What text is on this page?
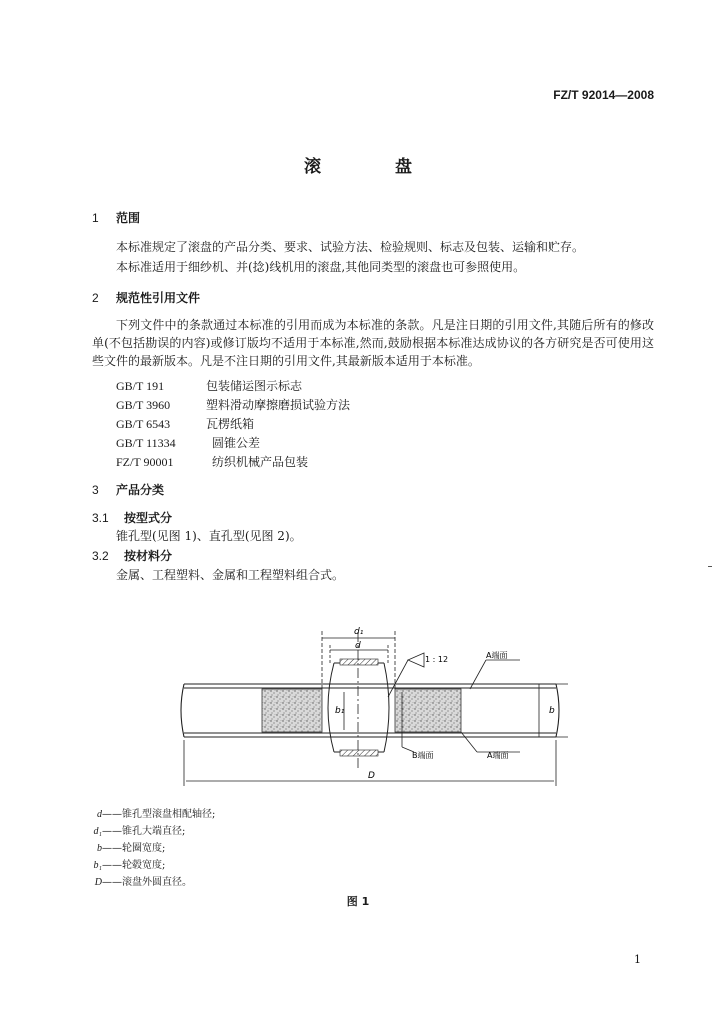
FZ/T 92014—2008
滚 盘
1 范围
本标准规定了滚盘的产品分类、要求、试验方法、检验规则、标志及包装、运输和贮存。
本标准适用于细纱机、并(捻)线机用的滚盘,其他同类型的滚盘也可参照使用。
2 规范性引用文件
下列文件中的条款通过本标准的引用而成为本标准的条款。凡是注日期的引用文件,其随后所有的修改单(不包括勘误的内容)或修订版均不适用于本标准,然而,鼓励根据本标准达成协议的各方研究是否可使用这些文件的最新版本。凡是不注日期的引用文件,其最新版本适用于本标准。
GB/T 191	包装储运图示标志
GB/T 3960	塑料滑动摩擦磨损试验方法
GB/T 6543	瓦楞纸箱
GB/T 11334	圆锥公差
FZ/T 90001	纺织机械产品包装
3 产品分类
3.1 按型式分
锥孔型(见图 1)、直孔型(见图 2)。
3.2 按材料分
金属、工程塑料、金属和工程塑料组合式。
d₁
d
1 : 12	A端面
B端面	A端面
b
b₁
D
d——锥孔型滚盘相配轴径;
d₁——锥孔大端直径;
b——轮圈宽度;
b₁——轮毂宽度;
D——滚盘外圆直径。
图 1
1
